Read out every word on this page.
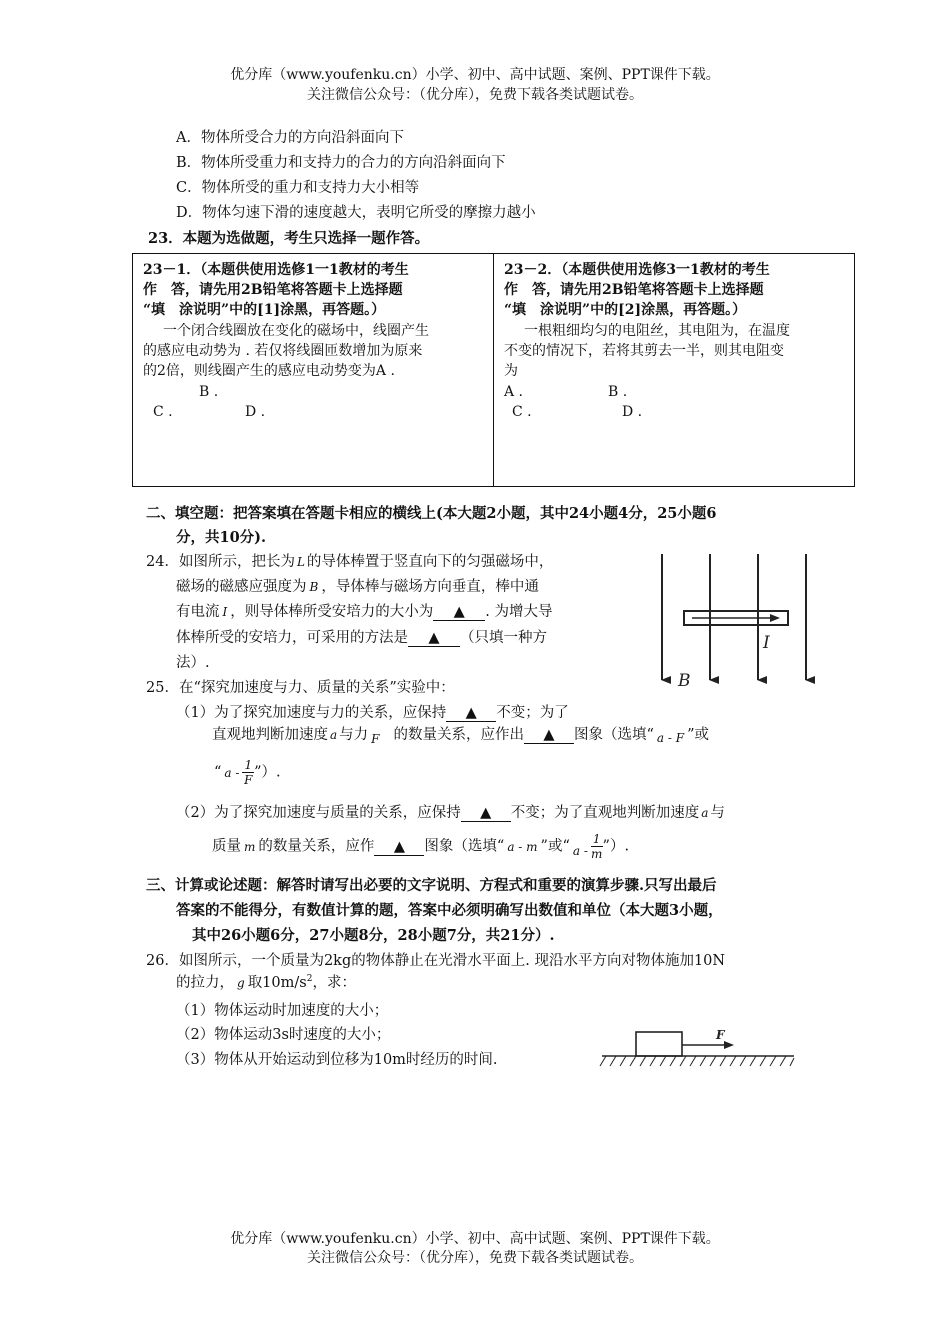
优分库（www.youfenku.cn）小学、初中、高中试题、案例、PPT课件下载。
关注微信公众号：（优分库），免费下载各类试题试卷。
A．物体所受合力的方向沿斜面向下
B．物体所受重力和支持力的合力的方向沿斜面向下
C．物体所受的重力和支持力大小相等
D．物体匀速下滑的速度越大，表明它所受的摩擦力越小
23．本题为选做题，考生只选择一题作答。
23－1．（本题供使用选修1一1教材的考生
作　答，请先用2B铅笔将答题卡上选择题
“填　涂说明”中的[1]涂黑，再答题。）
一个闭合线圈放在变化的磁场中，线圈产生
的感应电动势为 . 若仅将线圈匝数增加为原来
的2倍，则线圈产生的感应电动势变为A .
B .
C .	D .
23－2．（本题供使用选修3一1教材的考生
作　答，请先用2B铅笔将答题卡上选择题
“填　涂说明”中的[2]涂黑，再答题。）
一根粗细均匀的电阻丝，其电阻为，在温度
不变的情况下，若将其剪去一半，则其电阻变
为
A .	B .
C .	D .
二、填空题：把答案填在答题卡相应的横线上(本大题2小题，其中24小题4分，25小题6
分，共10分).
24．如图所示，把长为 L 的导体棒置于竖直向下的匀强磁场中，
磁场的磁感应强度为 B ，导体棒与磁场方向垂直，棒中通
有电流 I ，则导体棒所受安培力的大小为 ▲ . 为增大导
体棒所受的安培力，可采用的方法是 ▲ （只填一种方
法）.
I
B
25．在“探究加速度与力、质量的关系”实验中：
（1）为了探究加速度与力的关系，应保持 ▲ 不变；为了
直观地判断加速度 a 与力 $_F$ 的数量关系，应作出 ▲ 图象（选填“ $_{a - F}$ ”或
“ a - $\frac{1}{F}$ ”）.
（2）为了探究加速度与质量的关系，应保持 ▲ 不变；为了直观地判断加速度 a 与
质量 m 的数量关系，应作 ▲ 图象（选填“ a - m ”或“ $_{a -} \frac{1}{m}$ ”）.
三、计算或论述题：解答时请写出必要的文字说明、方程式和重要的演算步骤.只写出最后
答案的不能得分，有数值计算的题，答案中必须明确写出数值和单位（本大题3小题，
其中26小题6分，27小题8分，28小题7分，共21分）.
26．如图所示，一个质量为2kg的物体静止在光滑水平面上. 现沿水平方向对物体施加10N
的拉力， g 取$10m/s^2$，求：
（1）物体运动时加速度的大小；
（2）物体运动3s时速度的大小；
（3）物体从开始运动到位移为10m时经历的时间.
F
优分库（www.youfenku.cn）小学、初中、高中试题、案例、PPT课件下载。
关注微信公众号：（优分库），免费下载各类试题试卷。
